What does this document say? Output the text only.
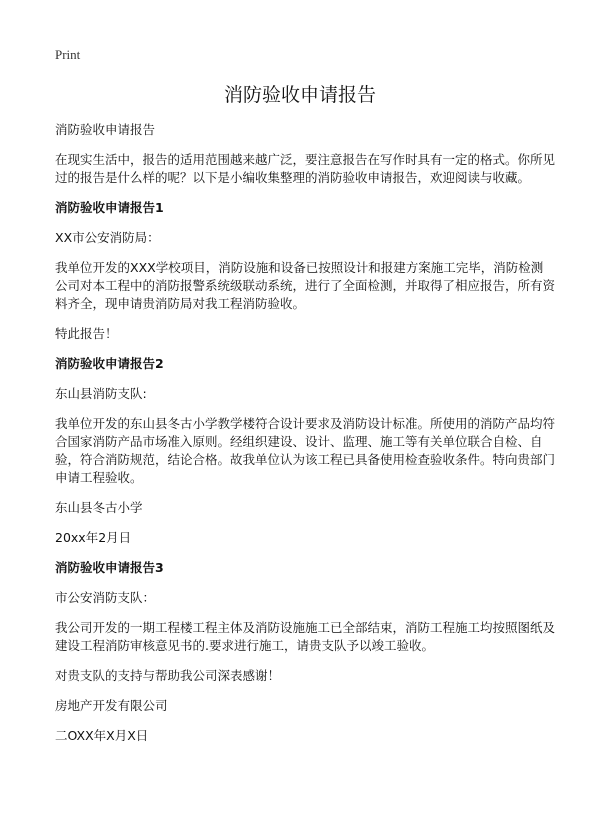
Print
消防验收申请报告

消防验收申请报告

在现实生活中，报告的适用范围越来越广泛，要注意报告在写作时具有一定的格式。你所见过的报告是什么样的呢？以下是小编收集整理的消防验收申请报告，欢迎阅读与收藏。

消防验收申请报告1

XX市公安消防局：

我单位开发的XXX学校项目，消防设施和设备已按照设计和报建方案施工完毕，消防检测公司对本工程中的消防报警系统级联动系统，进行了全面检测，并取得了相应报告，所有资料齐全，现申请贵消防局对我工程消防验收。

特此报告！

消防验收申请报告2

东山县消防支队:

我单位开发的东山县冬古小学教学楼符合设计要求及消防设计标准。所使用的消防产品均符合国家消防产品市场准入原则。经组织建设、设计、监理、施工等有关单位联合自检、自验，符合消防规范，结论合格。故我单位认为该工程已具备使用检查验收条件。特向贵部门申请工程验收。

东山县冬古小学

20xx年2月日

消防验收申请报告3

市公安消防支队：

我公司开发的一期工程楼工程主体及消防设施施工已全部结束，消防工程施工均按照图纸及建设工程消防审核意见书的.要求进行施工，请贵支队予以竣工验收。

对贵支队的支持与帮助我公司深表感谢！

房地产开发有限公司

二OXX年X月X日
